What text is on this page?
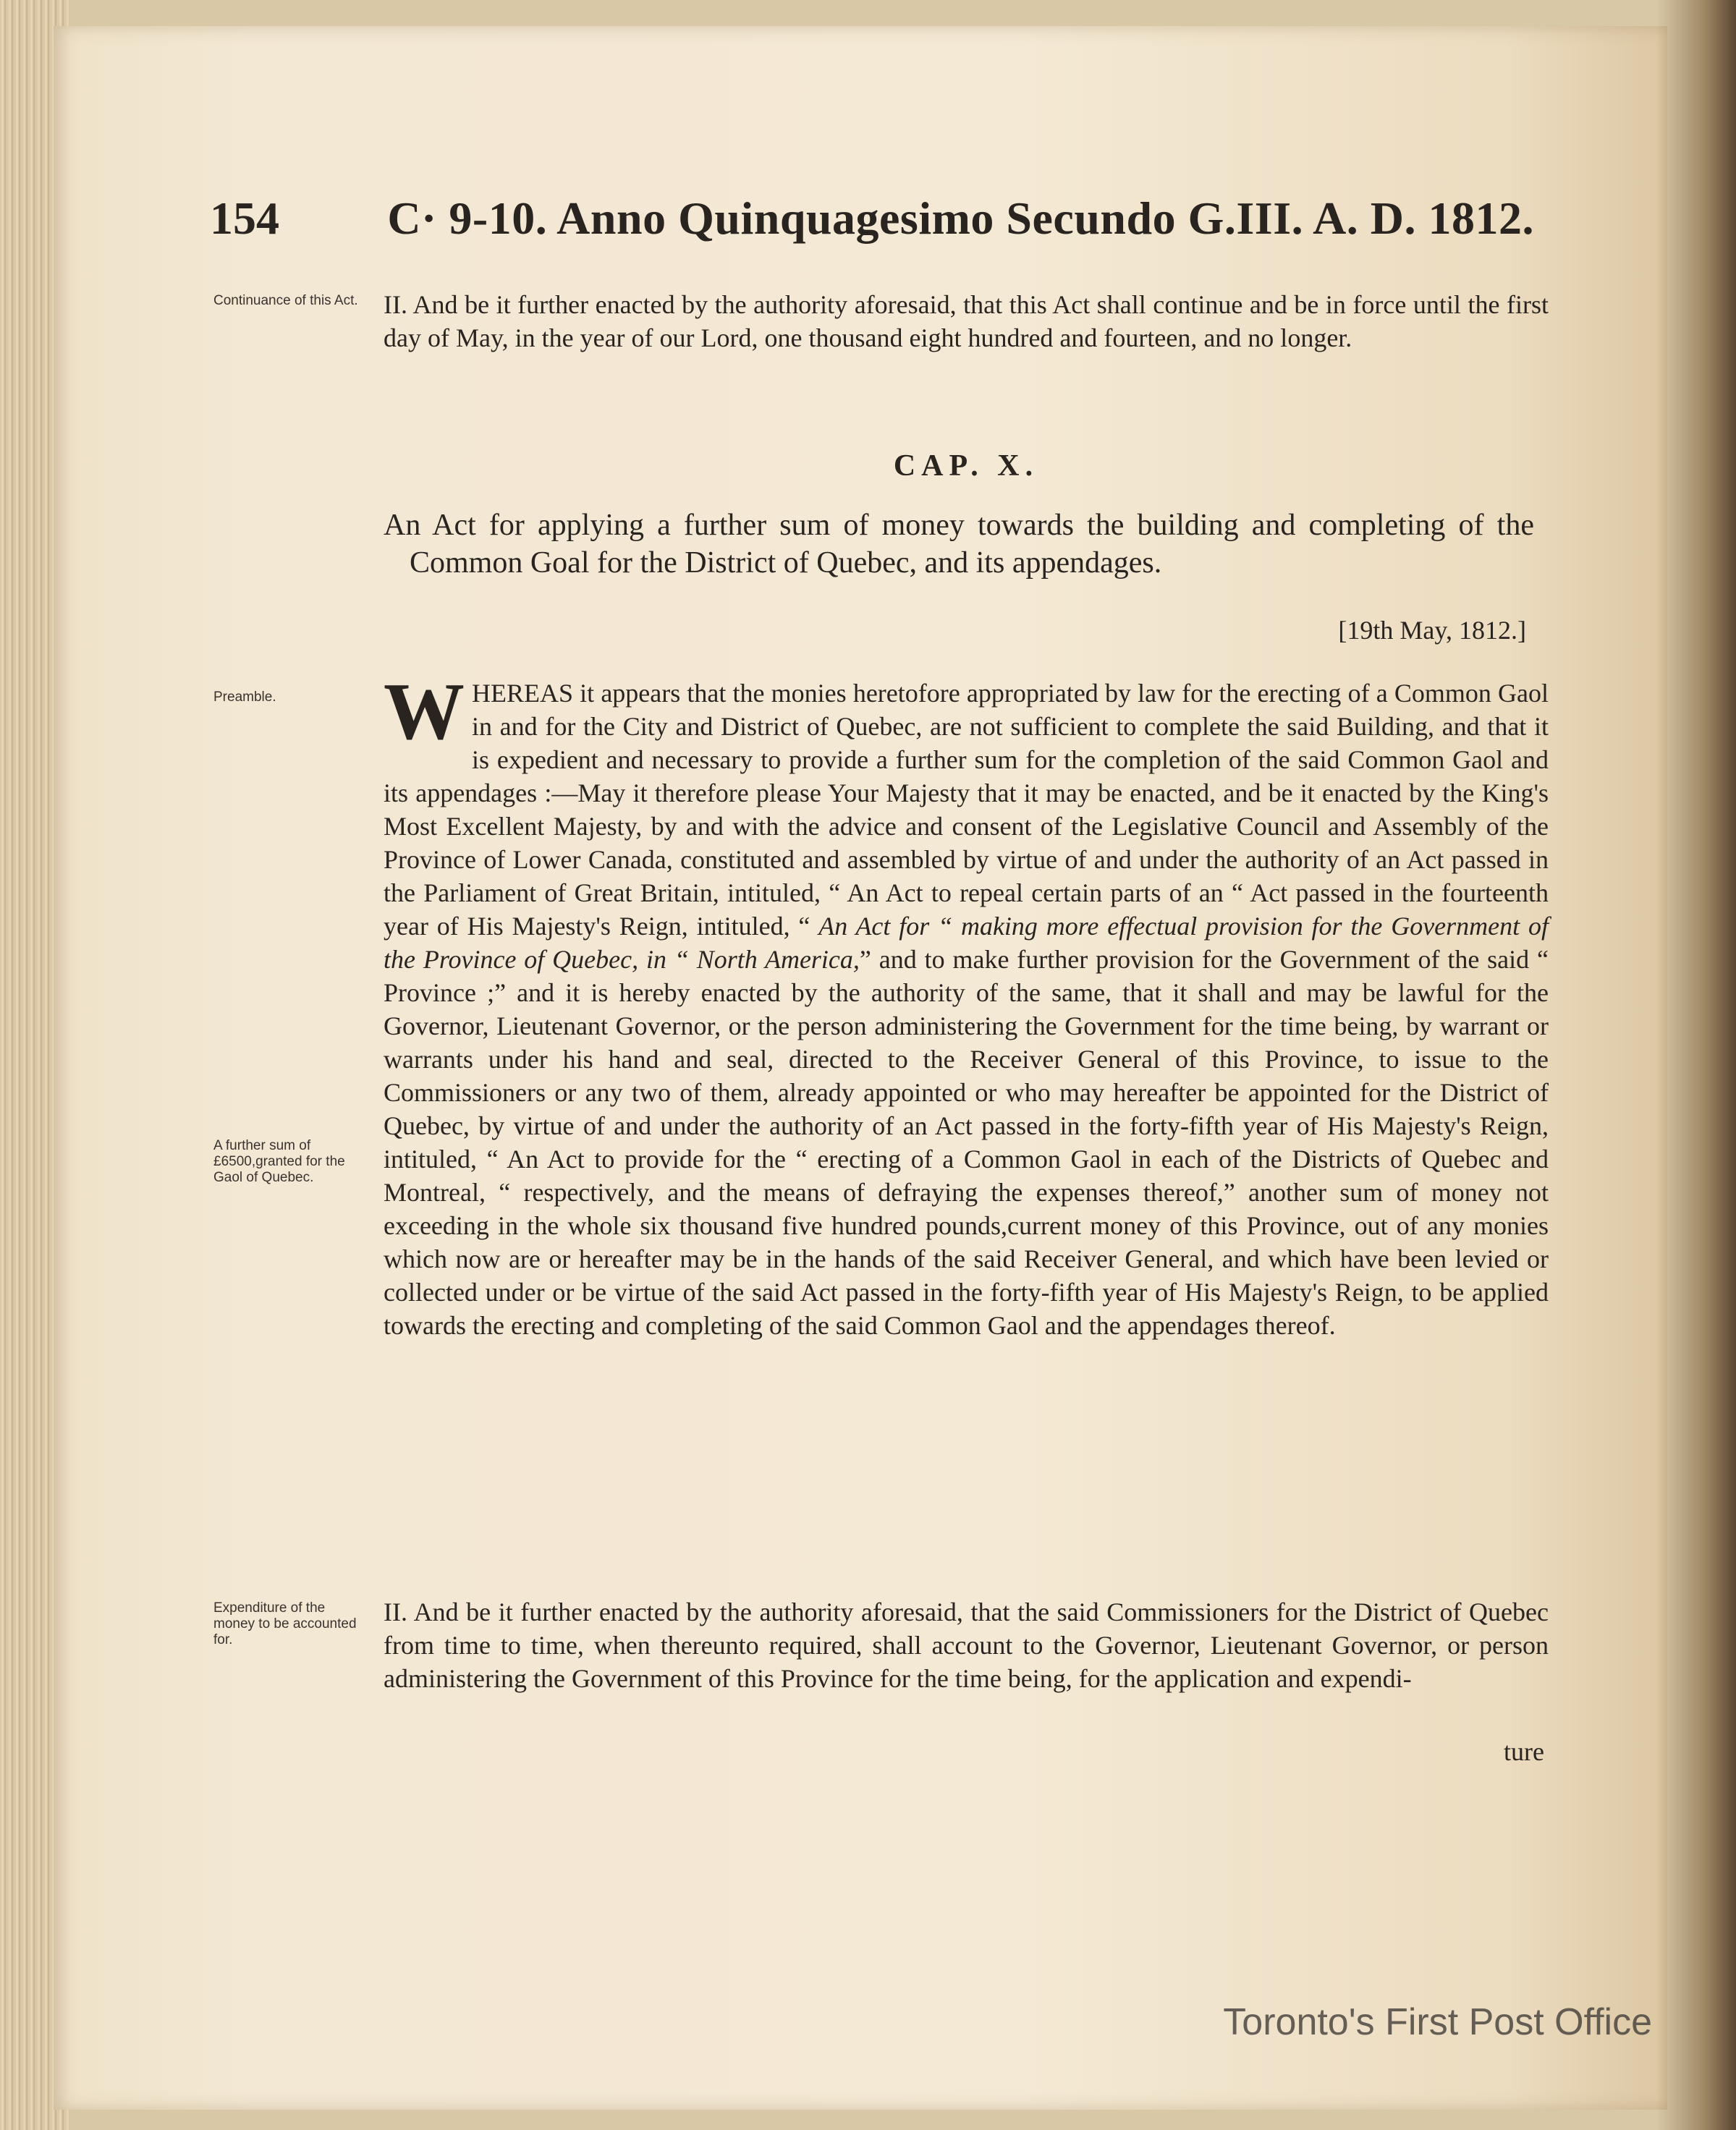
154 C· 9-10. Anno Quinquagesimo Secundo G.III. A. D. 1812.
Continuance of this Act. II. And be it further enacted by the authority aforesaid, that this Act shall continue and be in force until the first day of May, in the year of our Lord, one thousand eight hundred and fourteen, and no longer.
CAP. X.
An Act for applying a further sum of money towards the building and completing of the Common Goal for the District of Quebec, and its appendages.
[19th May, 1812.]
Preamble.	W HEREAS it appears that the monies heretofore appropriated by law for the erecting of a Common Gaol in and for the City and District of Quebec, are not sufficient to complete the said Building, and that it is expedient and necessary to provide a further sum for the completion of the said Common Gaol and its appendages :—May it therefore please Your Majesty that it may be enacted, and be it enacted by the King's Most Excellent Majesty, by and with the advice and consent of the Legislative Council and Assembly of the Province of Lower Canada, constituted and assembled by virtue of and under the authority of an Act passed in the Parliament of Great Britain, intituled, “ An Act to repeal certain parts of an “ Act passed in the fourteenth year of His Majesty's Reign, intituled, “ An Act for “ making more effectual provision for the Government of the Province of Quebec, in “ North America,” and to make further provision for the Government of the said “ Province ;” and it is hereby enacted by the authority of the same, that it shall and may be lawful for the Governor, Lieutenant Governor, or the person administering the Government for the time being, by warrant or warrants under his hand and seal, directed to the Receiver General of this Province, to issue to the Commissioners or any two of them, already appointed or who may hereafter be appointed for the District of Quebec, by virtue of and under the authority of an Act passed in the forty-fifth year of His Majesty's Reign, intituled, “ An Act to provide for the “ erecting of a Common Gaol in each of the Districts of Quebec and Montreal, “ respectively, and the means of defraying the expenses thereof,” another sum of money not exceeding in the whole six thousand five hundred pounds,current money of this Province, out of any monies which now are or hereafter may be in the hands of the said Receiver General, and which have been levied or collected under or be virtue of the said Act passed in the forty-fifth year of His Majesty's Reign, to be applied towards the erecting and completing of the said Common Gaol and the appendages thereof.
A further sum of £6500,granted for the Gaol of Quebec.
Expenditure of the money to be accounted for.
II. And be it further enacted by the authority aforesaid, that the said Commissioners for the District of Quebec from time to time, when thereunto required, shall account to the Governor, Lieutenant Governor, or person administering the Government of this Province for the time being, for the application and expendi-
ture
Toronto's First Post Office
